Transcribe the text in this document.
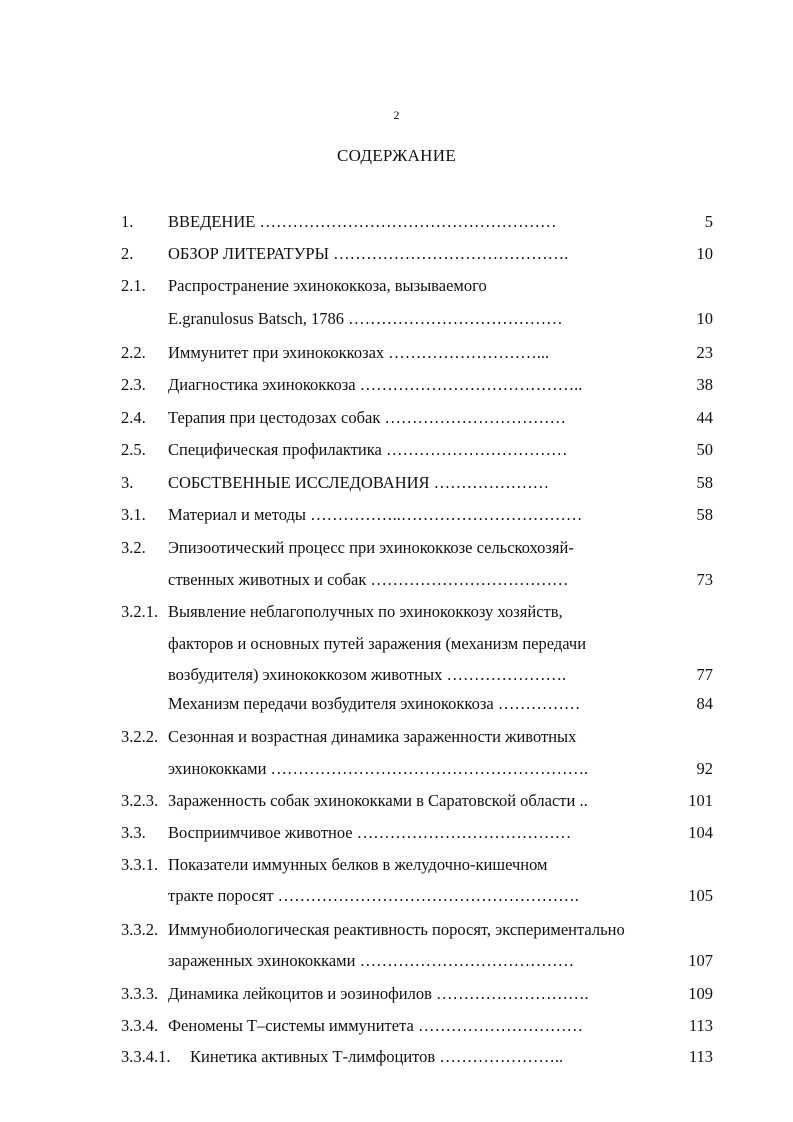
2
СОДЕРЖАНИЕ
1. ВВЕДЕНИЕ ………………………………………………	5
2. ОБЗОР ЛИТЕРАТУРЫ …………………………………….	10
2.1. Распространение эхинококкоза, вызываемого
E.granulosus Batsch, 1786 …………………………………	10
2.2. Иммунитет при эхинококкозах ………………………...	23
2.3. Диагностика эхинококкоза …………………………………..	38
2.4. Терапия при цестодозах собак ……………………………	44
2.5. Специфическая профилактика ……………………………	50
3. СОБСТВЕННЫЕ ИССЛЕДОВАНИЯ …………………	58
3.1. Материал и методы ……………..……………………………	58
3.2. Эпизоотический процесс при эхинококкозе сельскохозяй-
ственных животных и собак ………………………………	73
3.2.1. Выявление неблагополучных по эхинококкозу хозяйств,
факторов и основных путей заражения (механизм передачи
возбудителя) эхинококкозом животных ………………….	77
Механизм передачи возбудителя эхинококкоза ……………	84
3.2.2. Сезонная и возрастная динамика зараженности животных
эхинококками ………………………………………………….	92
3.2.3. Зараженность собак эхинококками в Саратовской области ..	101
3.3. Восприимчивое животное …………………………………	104
3.3.1. Показатели иммунных белков в желудочно-кишечном
тракте поросят ……………………………………………….	105
3.3.2. Иммунобиологическая реактивность поросят, экспериментально
зараженных эхинококками …………………………………	107
3.3.3. Динамика лейкоцитов и эозинофилов ……………………….	109
3.3.4. Феномены Т–системы иммунитета …………………………	113
3.3.4.1. Кинетика активных Т-лимфоцитов …………………..	113
